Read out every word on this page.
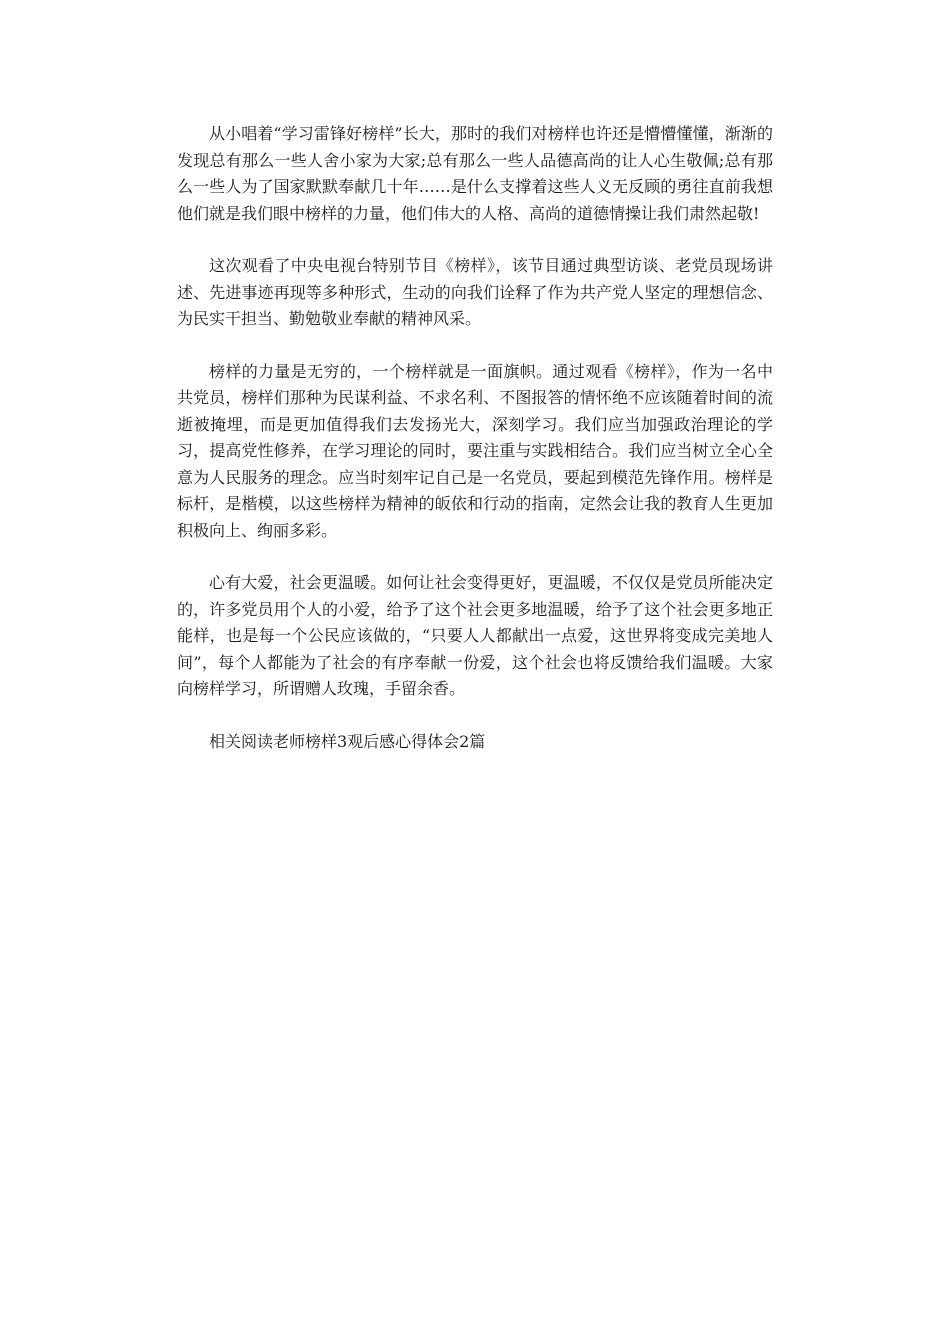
从小唱着“学习雷锋好榜样”长大，那时的我们对榜样也许还是懵懵懂懂，渐渐的发现总有那么一些人舍小家为大家;总有那么一些人品德高尚的让人心生敬佩;总有那么一些人为了国家默默奉献几十年……是什么支撑着这些人义无反顾的勇往直前我想他们就是我们眼中榜样的力量，他们伟大的人格、高尚的道德情操让我们肃然起敬!

这次观看了中央电视台特别节目《榜样》，该节目通过典型访谈、老党员现场讲述、先进事迹再现等多种形式，生动的向我们诠释了作为共产党人坚定的理想信念、为民实干担当、勤勉敬业奉献的精神风采。

榜样的力量是无穷的，一个榜样就是一面旗帜。通过观看《榜样》，作为一名中共党员，榜样们那种为民谋利益、不求名利、不图报答的情怀绝不应该随着时间的流逝被掩埋，而是更加值得我们去发扬光大，深刻学习。我们应当加强政治理论的学习，提高党性修养，在学习理论的同时，要注重与实践相结合。我们应当树立全心全意为人民服务的理念。应当时刻牢记自己是一名党员，要起到模范先锋作用。榜样是标杆，是楷模，以这些榜样为精神的皈依和行动的指南，定然会让我的教育人生更加积极向上、绚丽多彩。

心有大爱，社会更温暖。如何让社会变得更好，更温暖，不仅仅是党员所能决定的，许多党员用个人的小爱，给予了这个社会更多地温暖，给予了这个社会更多地正能样，也是每一个公民应该做的，“只要人人都献出一点爱，这世界将变成完美地人间”，每个人都能为了社会的有序奉献一份爱，这个社会也将反馈给我们温暖。大家向榜样学习，所谓赠人玫瑰，手留余香。

相关阅读老师榜样3观后感心得体会2篇
